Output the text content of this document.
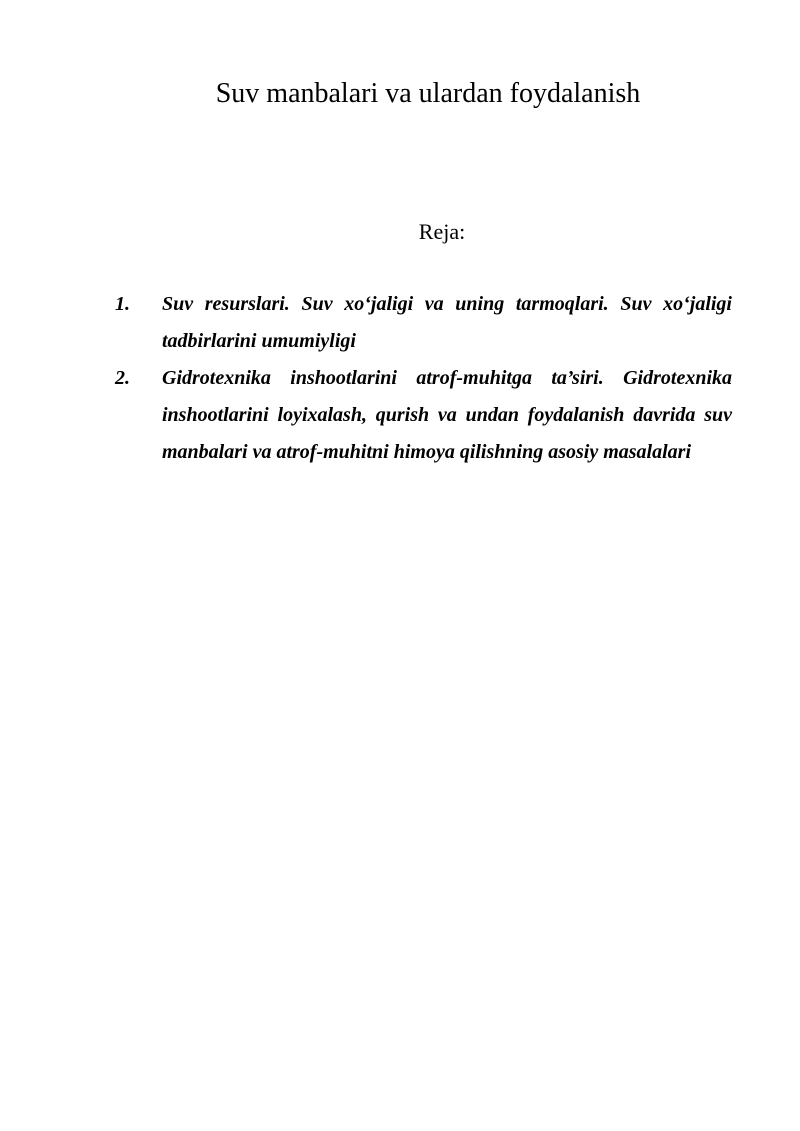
Suv manbalari va ulardan foydalanish
Reja:
1. Suv resurslari. Suv xo‘jaligi va uning tarmoqlari. Suv xo‘jaligi tadbirlarini umumiyligi
2. Gidrotexnika inshootlarini atrof-muhitga ta’siri. Gidrotexnika inshootlarini loyixalash, qurish va undan foydalanish davrida suv manbalari va atrof-muhitni himoya qilishning asosiy masalalari
